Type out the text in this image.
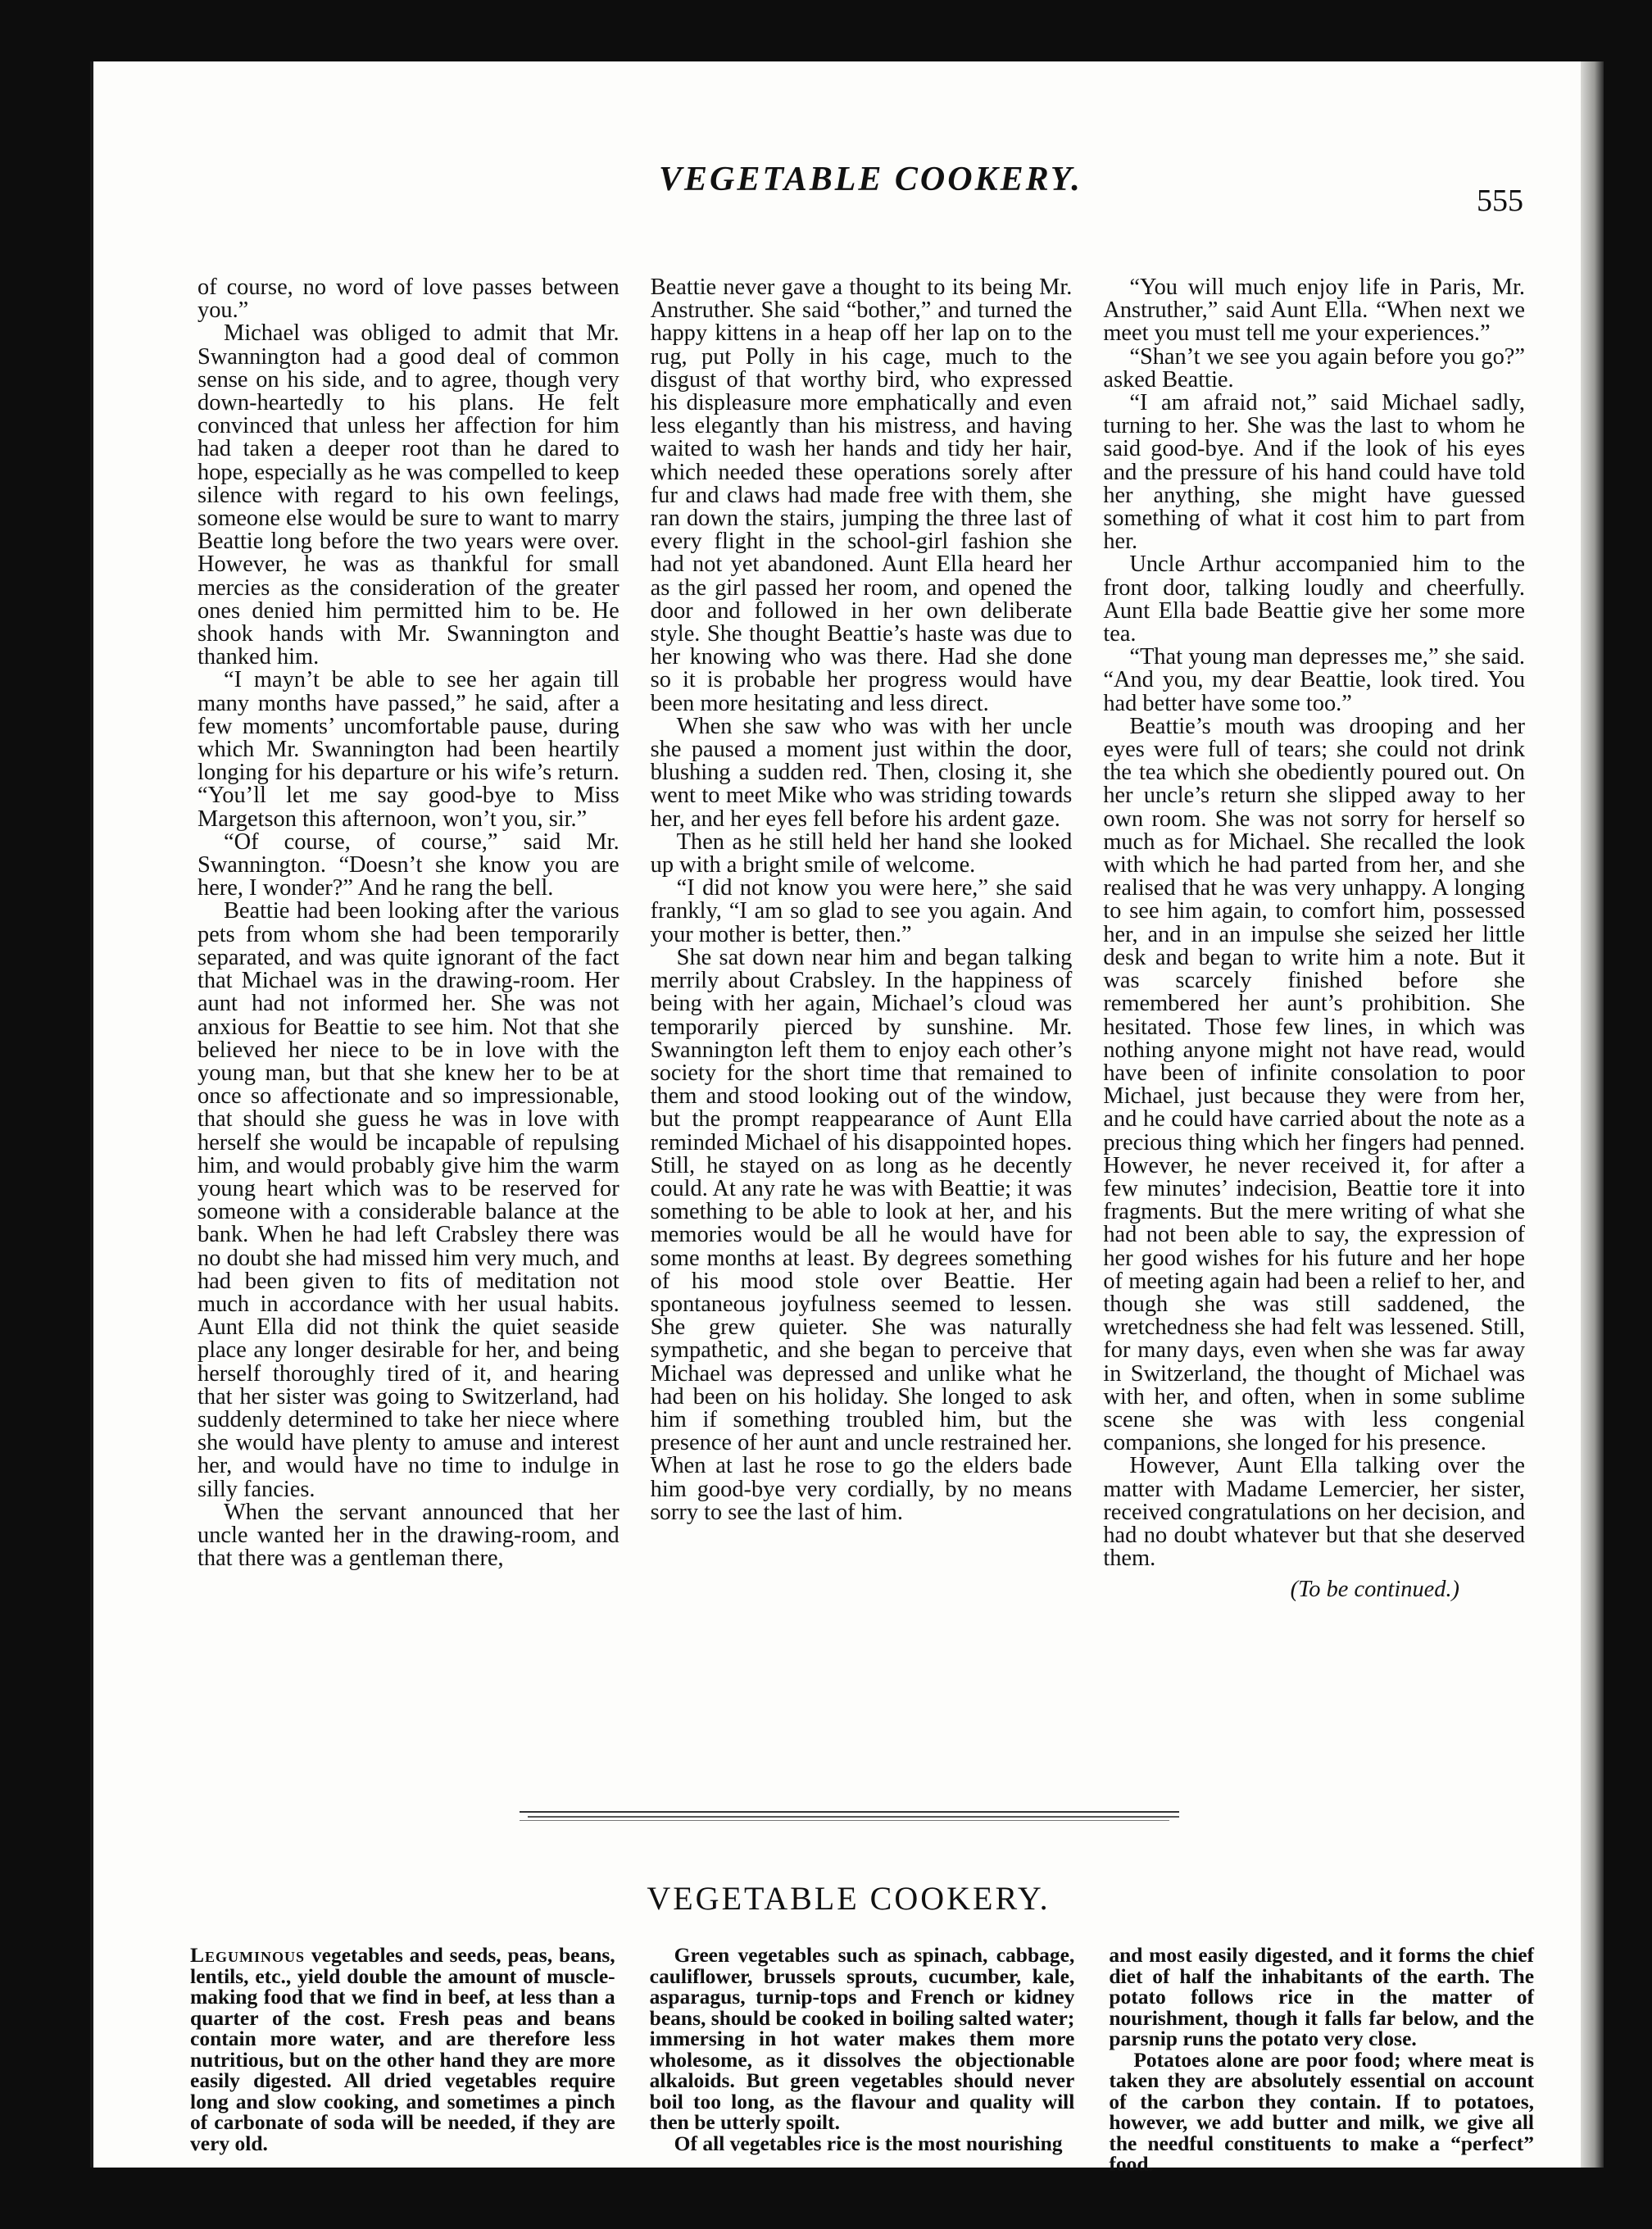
VEGETABLE COOKERY.
555

of course, no word of love passes between you.”

Michael was obliged to admit that Mr. Swannington had a good deal of common sense on his side, and to agree, though very down-heartedly to his plans. He felt convinced that unless her affection for him had taken a deeper root than he dared to hope, especially as he was compelled to keep silence with regard to his own feelings, someone else would be sure to want to marry Beattie long before the two years were over. However, he was as thankful for small mercies as the consideration of the greater ones denied him permitted him to be. He shook hands with Mr. Swannington and thanked him.

“I mayn’t be able to see her again till many months have passed,” he said, after a few moments’ uncomfortable pause, during which Mr. Swannington had been heartily longing for his departure or his wife’s return. “You’ll let me say good-bye to Miss Margetson this afternoon, won’t you, sir.”

“Of course, of course,” said Mr. Swannington. “Doesn’t she know you are here, I wonder?” And he rang the bell.

Beattie had been looking after the various pets from whom she had been temporarily separated, and was quite ignorant of the fact that Michael was in the drawing-room. Her aunt had not informed her. She was not anxious for Beattie to see him. Not that she believed her niece to be in love with the young man, but that she knew her to be at once so affectionate and so impressionable, that should she guess he was in love with herself she would be incapable of repulsing him, and would probably give him the warm young heart which was to be reserved for someone with a considerable balance at the bank. When he had left Crabsley there was no doubt she had missed him very much, and had been given to fits of meditation not much in accordance with her usual habits. Aunt Ella did not think the quiet seaside place any longer desirable for her, and being herself thoroughly tired of it, and hearing that her sister was going to Switzerland, had suddenly determined to take her niece where she would have plenty to amuse and interest her, and would have no time to indulge in silly fancies.

When the servant announced that her uncle wanted her in the drawing-room, and that there was a gentleman there,

Beattie never gave a thought to its being Mr. Anstruther. She said “bother,” and turned the happy kittens in a heap off her lap on to the rug, put Polly in his cage, much to the disgust of that worthy bird, who expressed his displeasure more emphatically and even less elegantly than his mistress, and having waited to wash her hands and tidy her hair, which needed these operations sorely after fur and claws had made free with them, she ran down the stairs, jumping the three last of every flight in the school-girl fashion she had not yet abandoned. Aunt Ella heard her as the girl passed her room, and opened the door and followed in her own deliberate style. She thought Beattie’s haste was due to her knowing who was there. Had she done so it is probable her progress would have been more hesitating and less direct.

When she saw who was with her uncle she paused a moment just within the door, blushing a sudden red. Then, closing it, she went to meet Mike who was striding towards her, and her eyes fell before his ardent gaze.

Then as he still held her hand she looked up with a bright smile of welcome.

“I did not know you were here,” she said frankly, “I am so glad to see you again. And your mother is better, then.”

She sat down near him and began talking merrily about Crabsley. In the happiness of being with her again, Michael’s cloud was temporarily pierced by sunshine. Mr. Swannington left them to enjoy each other’s society for the short time that remained to them and stood looking out of the window, but the prompt reappearance of Aunt Ella reminded Michael of his disappointed hopes. Still, he stayed on as long as he decently could. At any rate he was with Beattie; it was something to be able to look at her, and his memories would be all he would have for some months at least. By degrees something of his mood stole over Beattie. Her spontaneous joyfulness seemed to lessen. She grew quieter. She was naturally sympathetic, and she began to perceive that Michael was depressed and unlike what he had been on his holiday. She longed to ask him if something troubled him, but the presence of her aunt and uncle restrained her. When at last he rose to go the elders bade him good-bye very cordially, by no means sorry to see the last of him.

“You will much enjoy life in Paris, Mr. Anstruther,” said Aunt Ella. “When next we meet you must tell me your experiences.”

“Shan’t we see you again before you go?” asked Beattie.

“I am afraid not,” said Michael sadly, turning to her. She was the last to whom he said good-bye. And if the look of his eyes and the pressure of his hand could have told her anything, she might have guessed something of what it cost him to part from her.

Uncle Arthur accompanied him to the front door, talking loudly and cheerfully. Aunt Ella bade Beattie give her some more tea.

“That young man depresses me,” she said. “And you, my dear Beattie, look tired. You had better have some too.”

Beattie’s mouth was drooping and her eyes were full of tears; she could not drink the tea which she obediently poured out. On her uncle’s return she slipped away to her own room. She was not sorry for herself so much as for Michael. She recalled the look with which he had parted from her, and she realised that he was very unhappy. A longing to see him again, to comfort him, possessed her, and in an impulse she seized her little desk and began to write him a note. But it was scarcely finished before she remembered her aunt’s prohibition. She hesitated. Those few lines, in which was nothing anyone might not have read, would have been of infinite consolation to poor Michael, just because they were from her, and he could have carried about the note as a precious thing which her fingers had penned. However, he never received it, for after a few minutes’ indecision, Beattie tore it into fragments. But the mere writing of what she had not been able to say, the expression of her good wishes for his future and her hope of meeting again had been a relief to her, and though she was still saddened, the wretchedness she had felt was lessened. Still, for many days, even when she was far away in Switzerland, the thought of Michael was with her, and often, when in some sublime scene she was with less congenial companions, she longed for his presence.

However, Aunt Ella talking over the matter with Madame Lemercier, her sister, received congratulations on her decision, and had no doubt whatever but that she deserved them.

(To be continued.)

VEGETABLE COOKERY.

Leguminous vegetables and seeds, peas, beans, lentils, etc., yield double the amount of muscle-making food that we find in beef, at less than a quarter of the cost. Fresh peas and beans contain more water, and are therefore less nutritious, but on the other hand they are more easily digested. All dried vegetables require long and slow cooking, and sometimes a pinch of carbonate of soda will be needed, if they are very old.

Green vegetables such as spinach, cabbage, cauliflower, brussels sprouts, cucumber, kale, asparagus, turnip-tops and French or kidney beans, should be cooked in boiling salted water; immersing in hot water makes them more wholesome, as it dissolves the objectionable alkaloids. But green vegetables should never boil too long, as the flavour and quality will then be utterly spoilt.

Of all vegetables rice is the most nourishing

and most easily digested, and it forms the chief diet of half the inhabitants of the earth. The potato follows rice in the matter of nourishment, though it falls far below, and the parsnip runs the potato very close.

Potatoes alone are poor food; where meat is taken they are absolutely essential on account of the carbon they contain. If to potatoes, however, we add butter and milk, we give all the needful constituents to make a “perfect” food.
